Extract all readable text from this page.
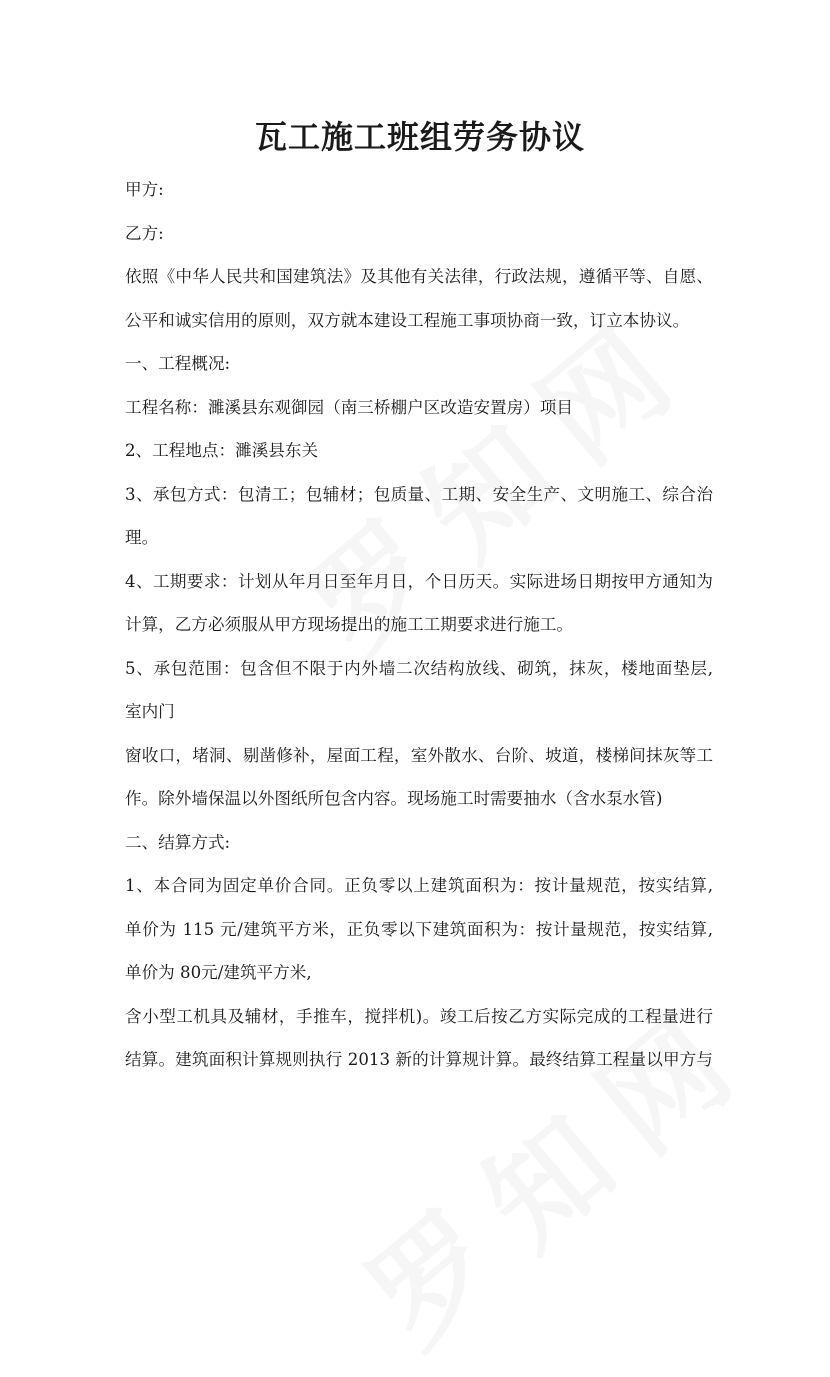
瓦工施工班组劳务协议
甲方:
乙方:
依照《中华人民共和国建筑法》及其他有关法律，行政法规，遵循平等、自愿、
公平和诚实信用的原则，双方就本建设工程施工事项协商一致，订立本协议。
一、工程概况:
工程名称：濉溪县东观御园（南三桥棚户区改造安置房）项目
2、工程地点：濉溪县东关
3、承包方式：包清工；包辅材；包质量、工期、安全生产、文明施工、综合治
理。
4、工期要求：计划从年月日至年月日，个日历天。实际进场日期按甲方通知为
计算，乙方必须服从甲方现场提出的施工工期要求进行施工。
5、承包范围：包含但不限于内外墙二次结构放线、砌筑，抹灰，楼地面垫层,
室内门
窗收口，堵洞、剔凿修补，屋面工程，室外散水、台阶、坡道，楼梯间抹灰等工
作。除外墙保温以外图纸所包含内容。现场施工时需要抽水（含水泵水管)
二、结算方式:
1、本合同为固定单价合同。正负零以上建筑面积为：按计量规范，按实结算,
单价为 115 元/建筑平方米，正负零以下建筑面积为：按计量规范，按实结算,
单价为 80元/建筑平方米,
含小型工机具及辅材，手推车，搅拌机)。竣工后按乙方实际完成的工程量进行
结算。建筑面积计算规则执行 2013 新的计算规计算。最终结算工程量以甲方与
